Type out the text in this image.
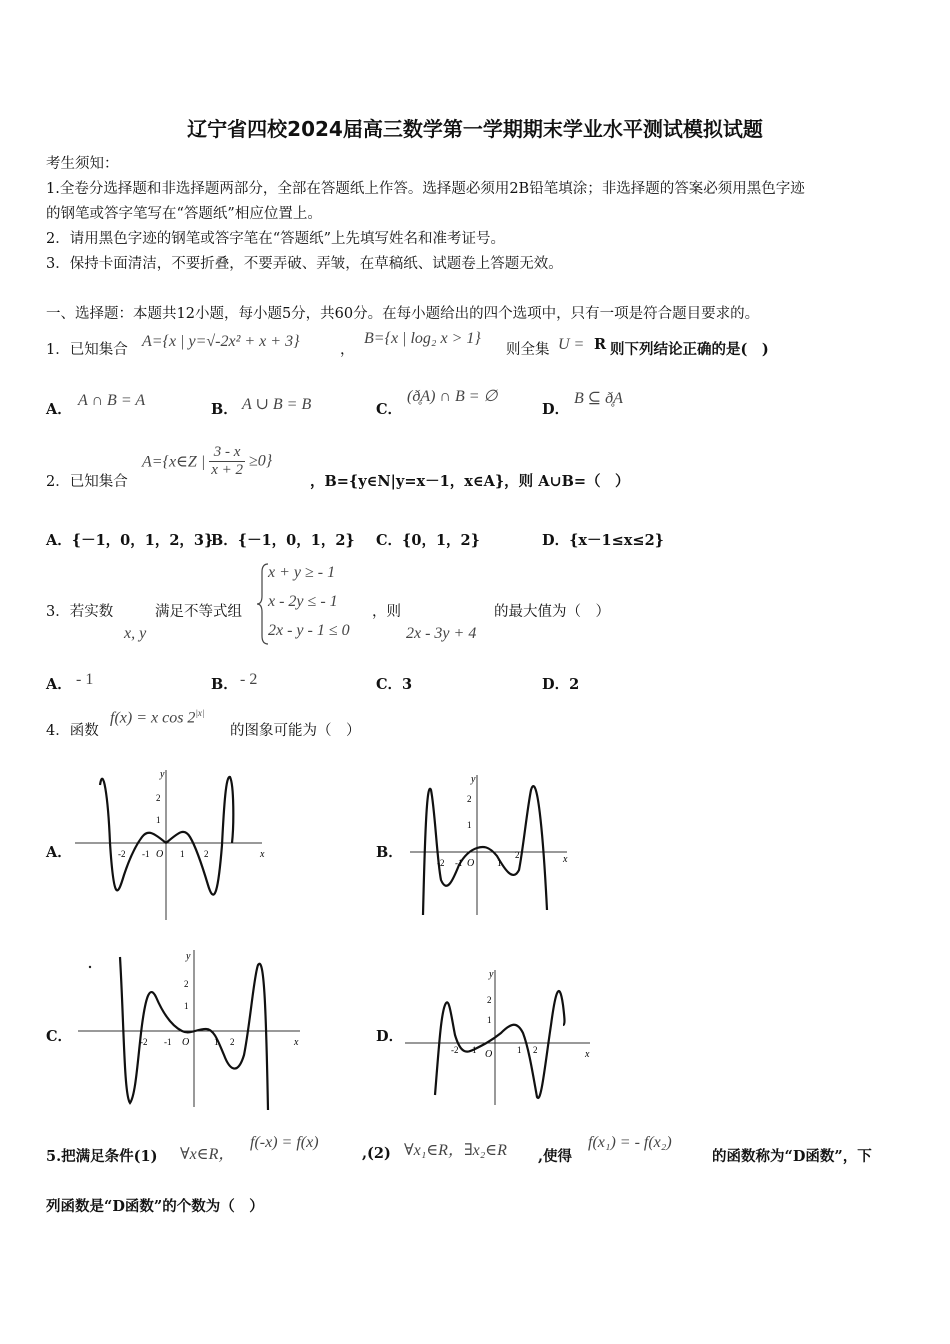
辽宁省四校2024届高三数学第一学期期末学业水平测试模拟试题
考生须知：
1.全卷分选择题和非选择题两部分，全部在答题纸上作答。选择题必须用2B铅笔填涂；非选择题的答案必须用黑色字迹
的钢笔或答字笔写在“答题纸”相应位置上。
2．请用黑色字迹的钢笔或答字笔在“答题纸”上先填写姓名和准考证号。
3．保持卡面清洁，不要折叠，不要弄破、弄皱，在草稿纸、试题卷上答题无效。
一、选择题：本题共12小题，每小题5分，共60分。在每小题给出的四个选项中，只有一项是符合题目要求的。
1．已知集合 A={x | y=√-2x² + x + 3}	，
B={x | log₂ x > 1}
则全集 U = R 则下列结论正确的是(　)
A．
A ∩ B = A
B． A ∪ B = B	C．
(ð̥A) ∩ B = ∅
D．
B ⊆ ð̥A
2．已知集合
A={x∈Z | $\frac{3 - x}{x + 2} \ge 0$}
，B={y∈N|y=x－1，x∈A}，则 A∪B=（　）
A．{－1，0，1，2，3}
B．{－1，0，1，2} C．{0，1，2}	D．{x－1≤x≤2}
3．若实数
x, y
满足不等式组
x + y ≥ - 1
x - 2y ≤ - 1
2x - y - 1 ≤ 0
，则
2x - 3y + 4
的最大值为（　）
A． - 1	B． - 2	C．3	D．2
4．函数
f(x) = x $\cos 2^{|x|}$
的图象可能为（　）
A．	B．
C．	D．
x
y
O
-2 -1	1 2
2
1
x
y
O
-2 -1	1
2
2
1
x
y
O
-2 -1	1 2
2
1
x
y
O
-2 -1	1 2
2
1
5.把满足条件(1) ∀x∈R，
f(-x) = f(x)
,(2) ∀x₁∈R，∃x₂∈R ,使得
f(x₁) = - f(x₂)
的函数称为“D函数”，下
列函数是“D函数”的个数为（　）
